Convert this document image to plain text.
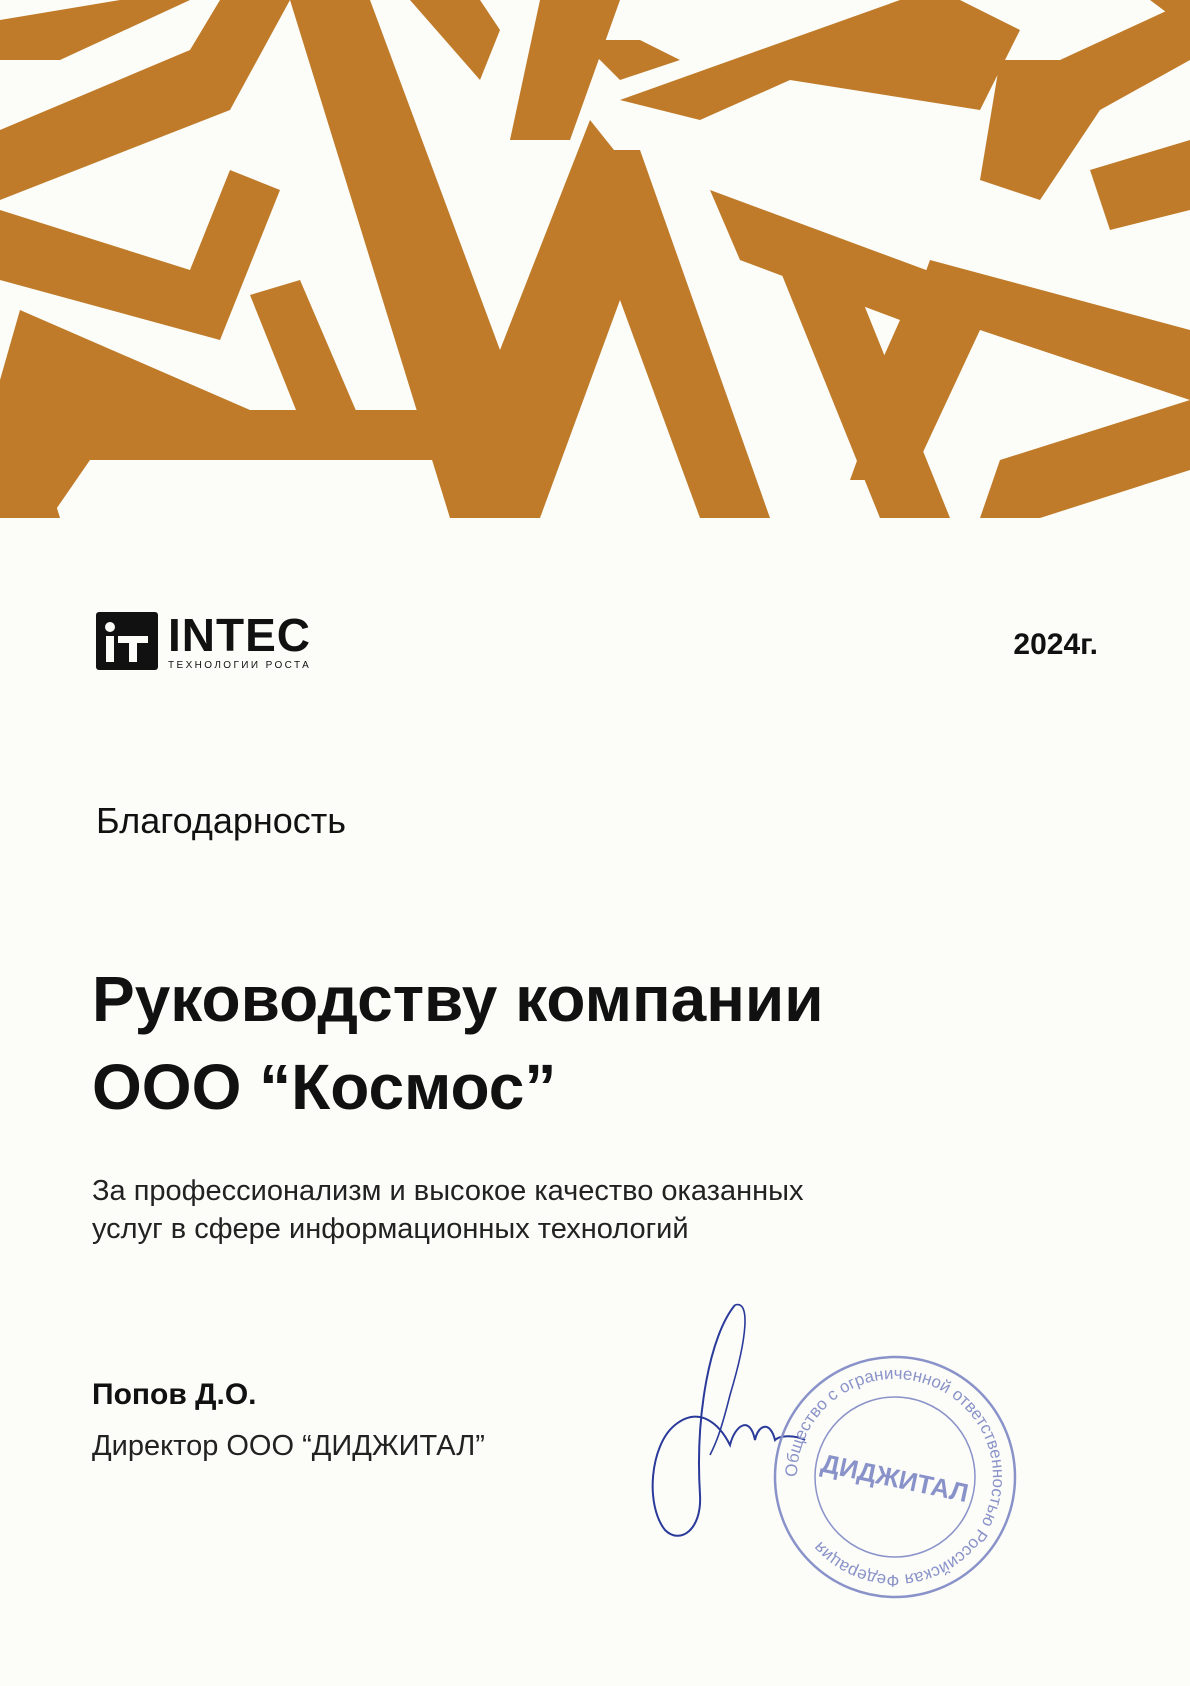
INTEC
ТЕХНОЛОГИИ РОСТА
2024г.
Благодарность
Руководству компании
ООО “Космос”
За профессионализм и высокое качество оказанных
услуг в сфере информационных технологий
Попов Д.О.
Директор ООО “ДИДЖИТАЛ”
Общество с ограниченной ответственностью Российская Федерация
ДИДЖИТАЛ
